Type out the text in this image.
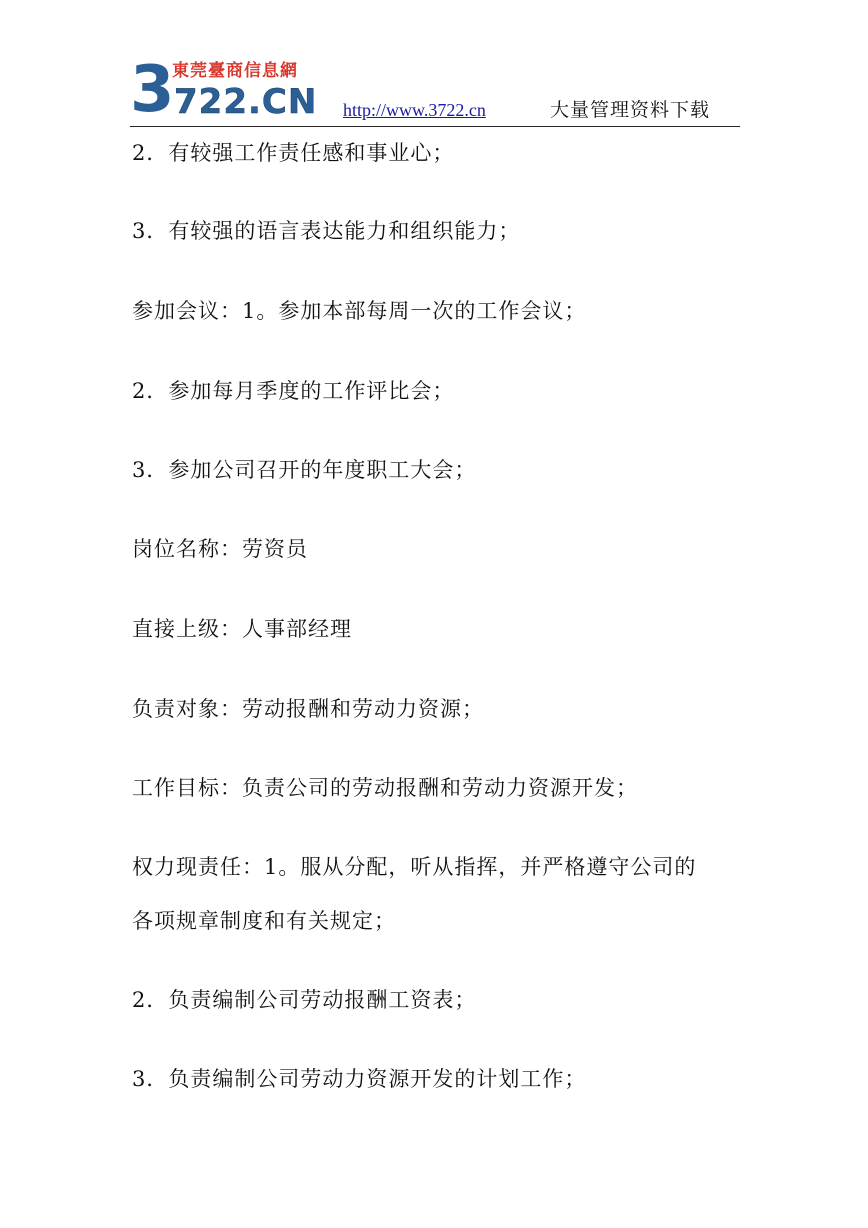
3 東莞臺商信息網
722.CN http://www.3722.cn	大量管理资料下载

2．有较强工作责任感和事业心；

3．有较强的语言表达能力和组织能力；

参加会议：1。参加本部每周一次的工作会议；

2．参加每月季度的工作评比会；

3．参加公司召开的年度职工大会；

岗位名称：劳资员

直接上级：人事部经理

负责对象：劳动报酬和劳动力资源；

工作目标：负责公司的劳动报酬和劳动力资源开发；

权力现责任：1。服从分配，听从指挥，并严格遵守公司的

各项规章制度和有关规定；

2．负责编制公司劳动报酬工资表；

3．负责编制公司劳动力资源开发的计划工作；
